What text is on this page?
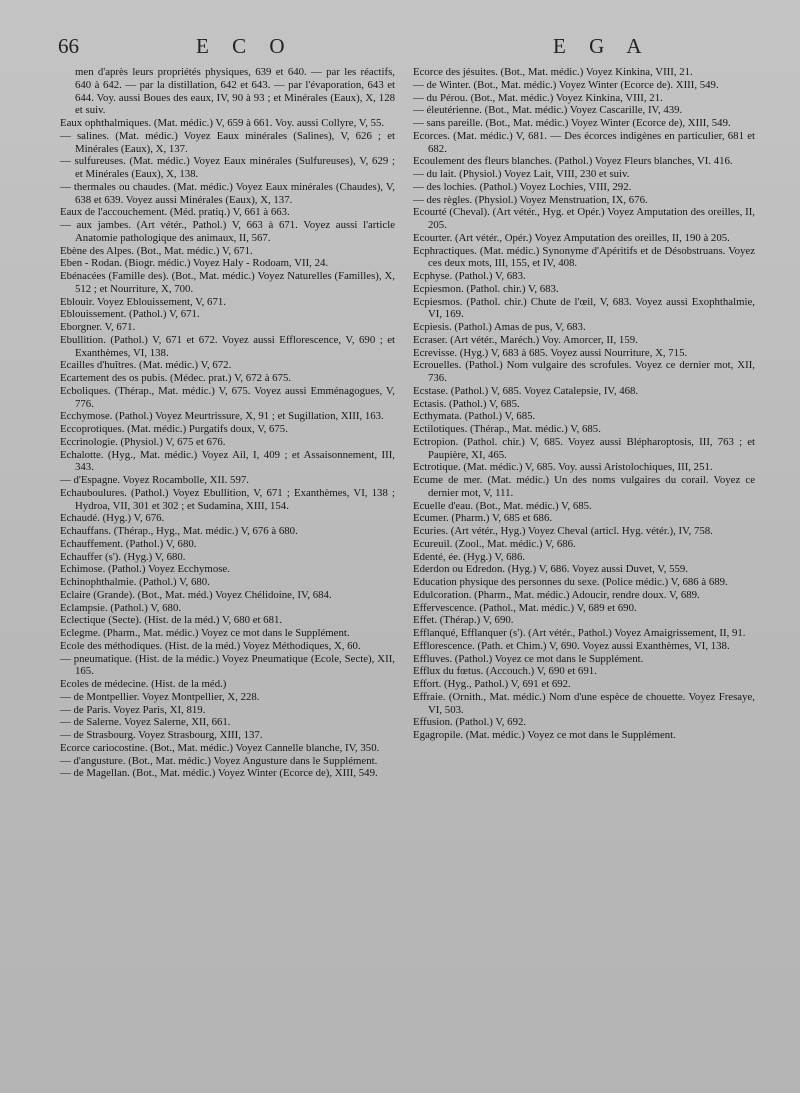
66	E C O	E G A

men d'après leurs propriétés physiques, 639 et 640. — par les réactifs, 640 à 642. — par la distillation, 642 et 643. — par l'évaporation, 643 et 644. Voy. aussi Boues des eaux, IV, 90 à 93 ; et Minérales (Eaux), X, 128 et suiv.

Eaux ophthalmiques. (Mat. médic.) V, 659 à 661. Voy. aussi Collyre, V, 55.

— salines. (Mat. médic.) Voyez Eaux minérales (Salines), V, 626 ; et Minérales (Eaux), X, 137.

— sulfureuses. (Mat. médic.) Voyez Eaux minérales (Sulfureuses), V, 629 ; et Minérales (Eaux), X, 138.

— thermales ou chaudes. (Mat. médic.) Voyez Eaux minérales (Chaudes), V, 638 et 639. Voyez aussi Minérales (Eaux), X, 137.

Eaux de l'accouchement. (Méd. pratiq.) V, 661 à 663.

— aux jambes. (Art vétér., Pathol.) V, 663 à 671. Voyez aussi l'article Anatomie pathologique des animaux, II, 567.

Ebène des Alpes. (Bot., Mat. médic.) V, 671.

Eben - Rodan. (Biogr. médic.) Voyez Haly - Rodoam, VII, 24.

Ebénacées (Famille des). (Bot., Mat. médic.) Voyez Naturelles (Familles), X, 512 ; et Nourriture, X, 700.

Eblouir. Voyez Eblouissement, V, 671.

Eblouissement. (Pathol.) V, 671.

Eborgner. V, 671.

Ebullition. (Pathol.) V, 671 et 672. Voyez aussi Efflorescence, V, 690 ; et Exanthèmes, VI, 138.

Ecailles d'huîtres. (Mat. médic.) V, 672.

Ecartement des os pubis. (Médec. prat.) V, 672 à 675.

Ecboliques. (Thérap., Mat. médic.) V, 675. Voyez aussi Emménagogues, V, 776.

Ecchymose. (Pathol.) Voyez Meurtrissure, X, 91 ; et Sugillation, XIII, 163.

Eccoprotiques. (Mat. médic.) Purgatifs doux, V, 675.

Eccrinologie. (Physiol.) V, 675 et 676.

Echalotte. (Hyg., Mat. médic.) Voyez Ail, I, 409 ; et Assaisonnement, III, 343.

— d'Espagne. Voyez Rocambolle, XII. 597.

Echauboulures. (Pathol.) Voyez Ebullition, V, 671 ; Exanthèmes, VI, 138 ; Hydroa, VII, 301 et 302 ; et Sudamina, XIII, 154.

Echaudé. (Hyg.) V, 676.

Echauffans. (Thérap., Hyg., Mat. médic.) V, 676 à 680.

Echauffement. (Pathol.) V, 680.

Echauffer (s'). (Hyg.) V, 680.

Echimose. (Pathol.) Voyez Ecchymose.

Echinophthalmie. (Pathol.) V, 680.

Eclaire (Grande). (Bot., Mat. méd.) Voyez Chélidoine, IV, 684.

Eclampsie. (Pathol.) V, 680.

Eclectique (Secte). (Hist. de la méd.) V, 680 et 681.

Eclegme. (Pharm., Mat. médic.) Voyez ce mot dans le Supplément.

Ecole des méthodiques. (Hist. de la méd.) Voyez Méthodiques, X, 60.

— pneumatique. (Hist. de la médic.) Voyez Pneumatique (Ecole, Secte), XII, 165.

Ecoles de médecine. (Hist. de la méd.)

— de Montpellier. Voyez Montpellier, X, 228.

— de Paris. Voyez Paris, XI, 819.

— de Salerne. Voyez Salerne, XII, 661.

— de Strasbourg. Voyez Strasbourg, XIII, 137.

Ecorce cariocostine. (Bot., Mat. médic.) Voyez Cannelle blanche, IV, 350.

— d'angusture. (Bot., Mat. médic.) Voyez Angusture dans le Supplément.

— de Magellan. (Bot., Mat. médic.) Voyez Winter (Ecorce de), XIII, 549.

Ecorce des jésuites. (Bot., Mat. médic.) Voyez Kinkina, VIII, 21.

— de Winter. (Bot., Mat. médic.) Voyez Winter (Ecorce de). XIII, 549.

— du Pérou. (Bot., Mat. médic.) Voyez Kinkina, VIII, 21.

— éleutérienne. (Bot., Mat. médic.) Voyez Cascarille, IV, 439.

— sans pareille. (Bot., Mat. médic.) Voyez Winter (Ecorce de), XIII, 549.

Ecorces. (Mat. médic.) V, 681. — Des écorces indigènes en particulier, 681 et 682.

Ecoulement des fleurs blanches. (Pathol.) Voyez Fleurs blanches, VI. 416.

— du lait. (Physiol.) Voyez Lait, VIII, 230 et suiv.

— des lochies. (Pathol.) Voyez Lochies, VIII, 292.

— des règles. (Physiol.) Voyez Menstruation, IX, 676.

Ecourté (Cheval). (Art vétér., Hyg. et Opér.) Voyez Amputation des oreilles, II, 205.

Ecourter. (Art vétér., Opér.) Voyez Amputation des oreilles, II, 190 à 205.

Ecphractiques. (Mat. médic.) Synonyme d'Apéritifs et de Désobstruans. Voyez ces deux mots, III, 155, et IV, 408.

Ecphyse. (Pathol.) V, 683.

Ecpiesmon. (Pathol. chir.) V, 683.

Ecpiesmos. (Pathol. chir.) Chute de l'œil, V, 683. Voyez aussi Exophthalmie, VI, 169.

Ecpiesis. (Pathol.) Amas de pus, V, 683.

Ecraser. (Art vétér., Maréch.) Voy. Amorcer, II, 159.

Ecrevisse. (Hyg.) V, 683 à 685. Voyez aussi Nourriture, X, 715.

Ecrouelles. (Pathol.) Nom vulgaire des scrofules. Voyez ce dernier mot, XII, 736.

Ecstase. (Pathol.) V, 685. Voyez Catalepsie, IV, 468.

Ectasis. (Pathol.) V, 685.

Ecthymata. (Pathol.) V, 685.

Ectilotiques. (Thérap., Mat. médic.) V, 685.

Ectropion. (Pathol. chir.) V, 685. Voyez aussi Blépharoptosis, III, 763 ; et Paupière, XI, 465.

Ectrotique. (Mat. médic.) V, 685. Voy. aussi Aristolochiques, III, 251.

Ecume de mer. (Mat. médic.) Un des noms vulgaires du corail. Voyez ce dernier mot, V, 111.

Ecuelle d'eau. (Bot., Mat. médic.) V, 685.

Ecumer. (Pharm.) V, 685 et 686.

Ecuries. (Art vétér., Hyg.) Voyez Cheval (articl. Hyg. vétér.), IV, 758.

Ecureuil. (Zool., Mat. médic.) V, 686.

Edenté, ée. (Hyg.) V, 686.

Ederdon ou Edredon. (Hyg.) V, 686. Voyez aussi Duvet, V, 559.

Education physique des personnes du sexe. (Police médic.) V, 686 à 689.

Edulcoration. (Pharm., Mat. médic.) Adoucir, rendre doux. V, 689.

Effervescence. (Pathol., Mat. médic.) V, 689 et 690.

Effet. (Thérap.) V, 690.

Efflanqué, Efflanquer (s'). (Art vétér., Pathol.) Voyez Amaigrissement, II, 91.

Efflorescence. (Path. et Chim.) V, 690. Voyez aussi Exanthèmes, VI, 138.

Effluves. (Pathol.) Voyez ce mot dans le Supplément.

Efflux du fœtus. (Accouch.) V, 690 et 691.

Effort. (Hyg., Pathol.) V, 691 et 692.

Effraie. (Ornith., Mat. médic.) Nom d'une espèce de chouette. Voyez Fresaye, VI, 503.

Effusion. (Pathol.) V, 692.

Egagropile. (Mat. médic.) Voyez ce mot dans le Supplément.
